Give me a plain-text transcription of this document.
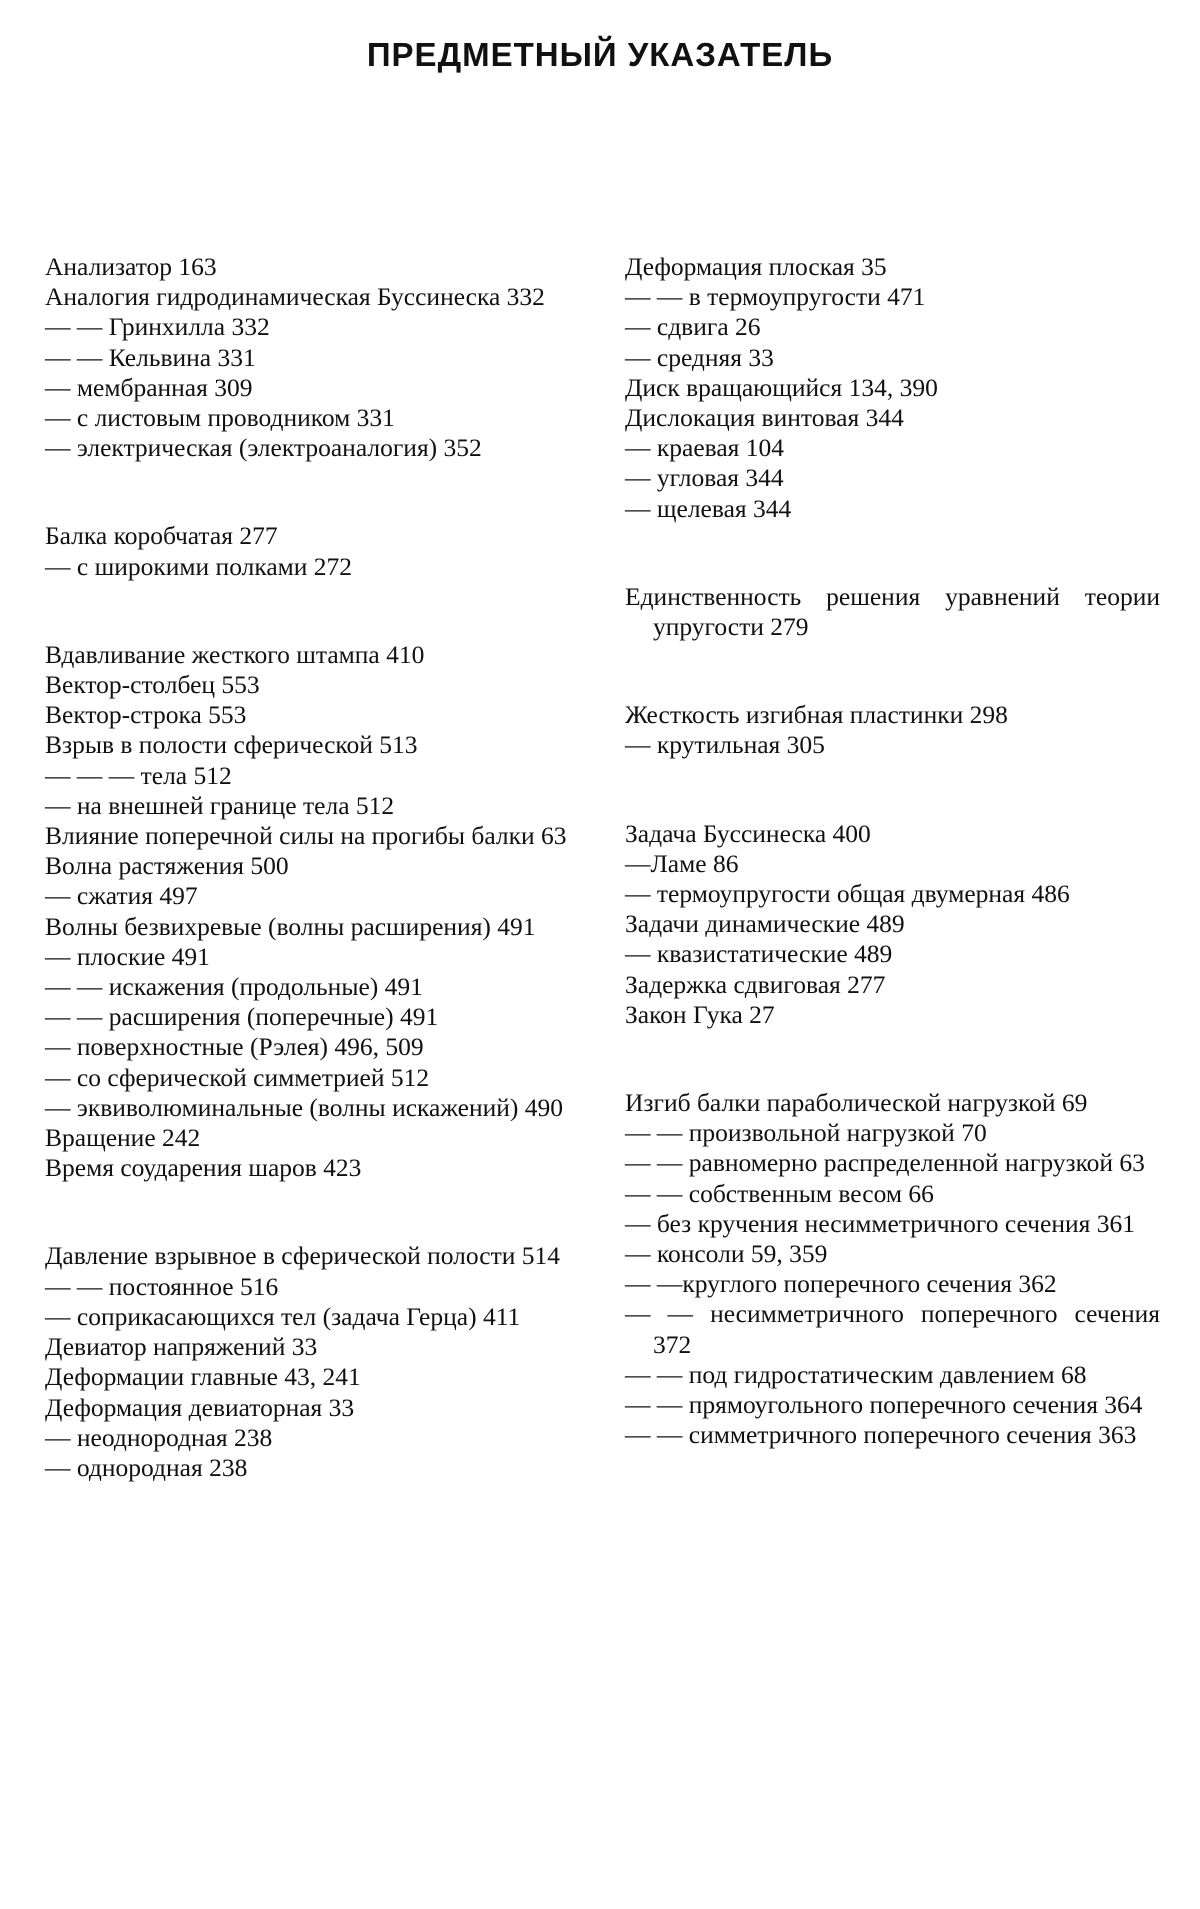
ПРЕДМЕТНЫЙ УКАЗАТЕЛЬ
Анализатор 163
Аналогия гидродинамическая Буссинеска 332
— — Гринхилла 332
— — Кельвина 331
— мембранная 309
— с листовым проводником 331
— электрическая (электроаналогия) 352
Балка коробчатая 277
— с широкими полками 272
Вдавливание жесткого штампа 410
Вектор-столбец 553
Вектор-строка 553
Взрыв в полости сферической 513
— — — тела 512
— на внешней границе тела 512
Влияние поперечной силы на прогибы балки 63
Волна растяжения 500
— сжатия 497
Волны безвихревые (волны расширения) 491
— плоские 491
— — искажения (продольные) 491
— — расширения (поперечные) 491
— поверхностные (Рэлея) 496, 509
— со сферической симметрией 512
— эквиволюминальные (волны искажений) 490
Вращение 242
Время соударения шаров 423
Давление взрывное в сферической полости 514
— — постоянное 516
— соприкасающихся тел (задача Герца) 411
Девиатор напряжений 33
Деформации главные 43, 241
Деформация девиаторная 33
— неоднородная 238
— однородная 238
Деформация плоская 35
— — в термоупругости 471
— сдвига 26
— средняя 33
Диск вращающийся 134, 390
Дислокация винтовая 344
— краевая 104
— угловая 344
— щелевая 344
Единственность решения уравнений теории упругости 279
Жесткость изгибная пластинки 298
— крутильная 305
Задача Буссинеска 400
—Ламе 86
— термоупругости общая двумерная 486
Задачи динамические 489
— квазистатические 489
Задержка сдвиговая 277
Закон Гука 27
Изгиб балки параболической нагрузкой 69
— — произвольной нагрузкой 70
— — равномерно распределенной нагрузкой 63
— — собственным весом 66
— без кручения несимметричного сечения 361
— консоли 59, 359
— —круглого поперечного сечения 362
— — несимметричного поперечного сечения 372
— — под гидростатическим давлением 68
— — прямоугольного поперечного сечения 364
— — симметричного поперечного сечения 363
